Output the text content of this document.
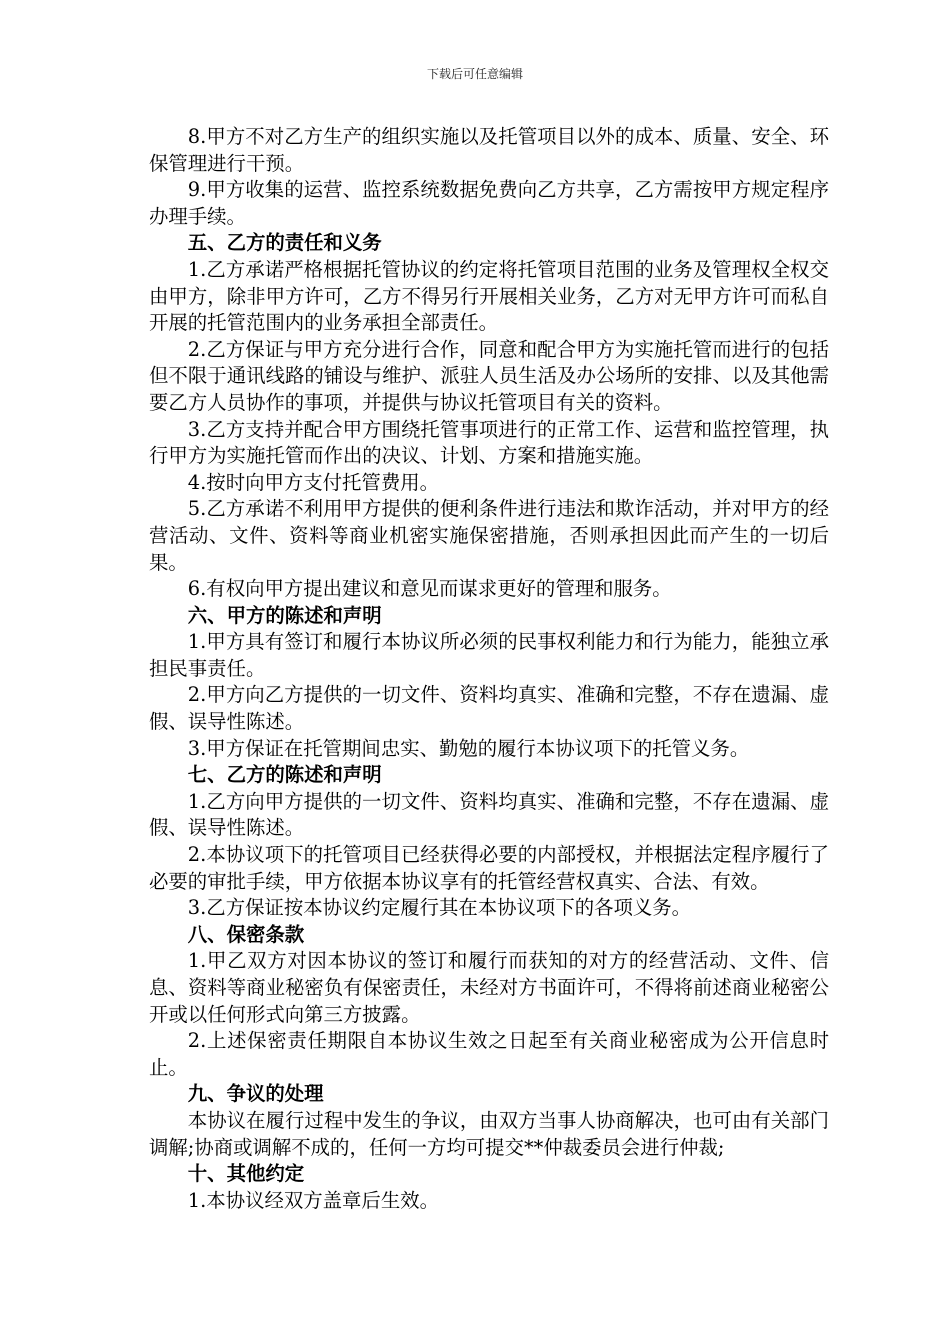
下载后可任意编辑

8.甲方不对乙方生产的组织实施以及托管项目以外的成本、质量、安全、环保管理进行干预。

9.甲方收集的运营、监控系统数据免费向乙方共享，乙方需按甲方规定程序办理手续。

五、乙方的责任和义务

1.乙方承诺严格根据托管协议的约定将托管项目范围的业务及管理权全权交由甲方，除非甲方许可，乙方不得另行开展相关业务，乙方对无甲方许可而私自开展的托管范围内的业务承担全部责任。

2.乙方保证与甲方充分进行合作，同意和配合甲方为实施托管而进行的包括但不限于通讯线路的铺设与维护、派驻人员生活及办公场所的安排、以及其他需要乙方人员协作的事项，并提供与协议托管项目有关的资料。

3.乙方支持并配合甲方围绕托管事项进行的正常工作、运营和监控管理，执行甲方为实施托管而作出的决议、计划、方案和措施实施。

4.按时向甲方支付托管费用。

5.乙方承诺不利用甲方提供的便利条件进行违法和欺诈活动，并对甲方的经营活动、文件、资料等商业机密实施保密措施，否则承担因此而产生的一切后果。

6.有权向甲方提出建议和意见而谋求更好的管理和服务。

六、甲方的陈述和声明

1.甲方具有签订和履行本协议所必须的民事权利能力和行为能力，能独立承担民事责任。

2.甲方向乙方提供的一切文件、资料均真实、准确和完整，不存在遗漏、虚假、误导性陈述。

3.甲方保证在托管期间忠实、勤勉的履行本协议项下的托管义务。

七、乙方的陈述和声明

1.乙方向甲方提供的一切文件、资料均真实、准确和完整，不存在遗漏、虚假、误导性陈述。

2.本协议项下的托管项目已经获得必要的内部授权，并根据法定程序履行了必要的审批手续，甲方依据本协议享有的托管经营权真实、合法、有效。

3.乙方保证按本协议约定履行其在本协议项下的各项义务。

八、保密条款

1.甲乙双方对因本协议的签订和履行而获知的对方的经营活动、文件、信息、资料等商业秘密负有保密责任，未经对方书面许可，不得将前述商业秘密公开或以任何形式向第三方披露。

2.上述保密责任期限自本协议生效之日起至有关商业秘密成为公开信息时止。

九、争议的处理

本协议在履行过程中发生的争议，由双方当事人协商解决，也可由有关部门调解;协商或调解不成的，任何一方均可提交**仲裁委员会进行仲裁;

十、其他约定

1.本协议经双方盖章后生效。
